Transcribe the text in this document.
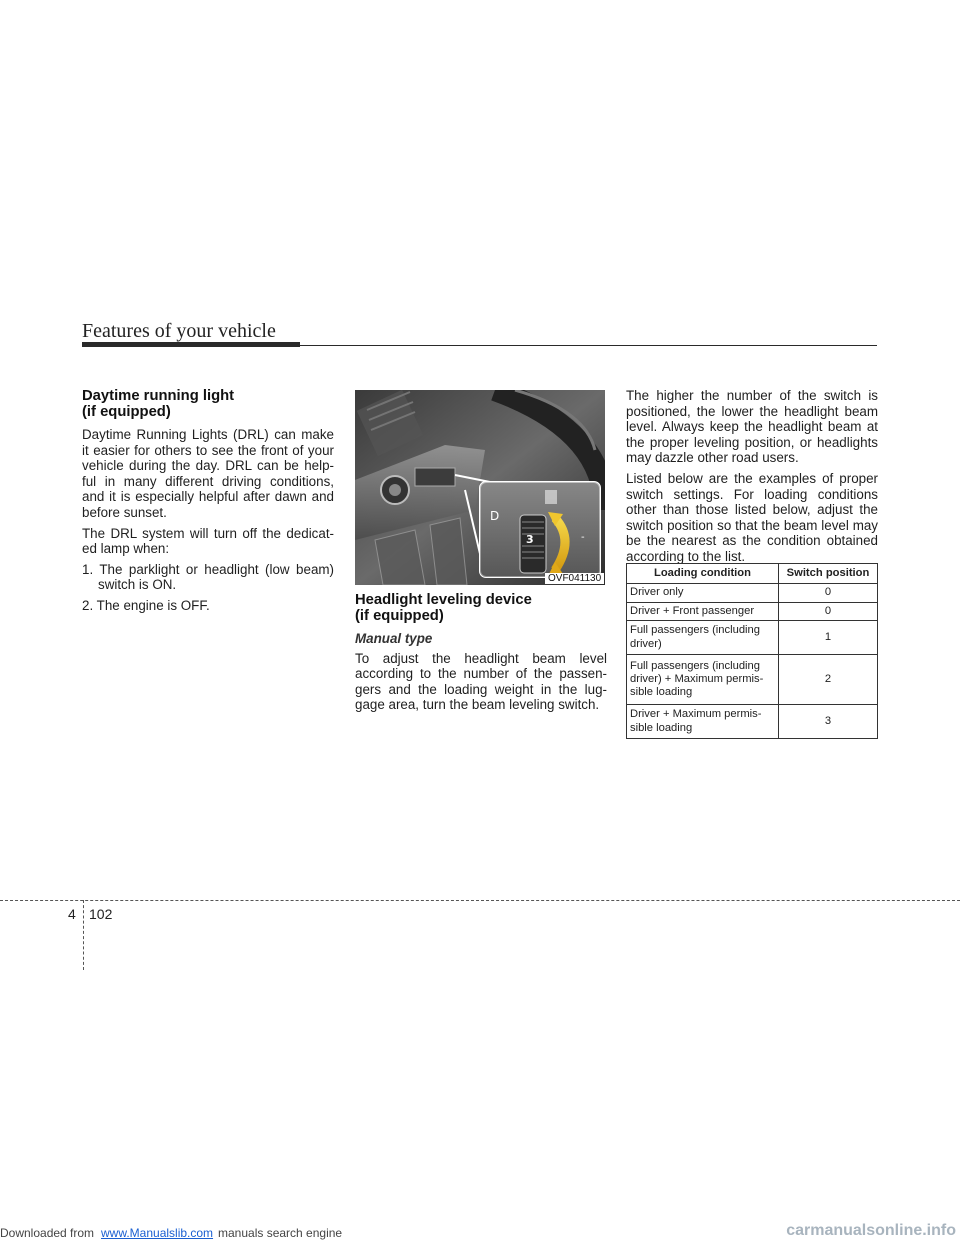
Features of your vehicle
Daytime running light
(if equipped)

Daytime Running Lights (DRL) can make it easier for others to see the front of your vehicle during the day. DRL can be help- ful in many different driving conditions, and it is especially helpful after dawn and before sunset.

The DRL system will turn off the dedicat- ed lamp when:

1. The parklight or headlight (low beam) switch is ON.
2. The engine is OFF.
D
3	-
OVF041130
Headlight leveling device
(if equipped)
Manual type

To adjust the headlight beam level according to the number of the passen- gers and the loading weight in the lug- gage area, turn the beam leveling switch.

The higher the number of the switch is positioned, the lower the headlight beam level. Always keep the headlight beam at the proper leveling position, or headlights may dazzle other road users.

Listed below are the examples of proper switch settings. For loading conditions other than those listed below, adjust the switch position so that the beam level may be the nearest as the condition obtained according to the list.

Loading condition	Switch position
Driver only	0
Driver + Front passenger	0
Full passengers (including driver)	1
Full passengers (including driver) + Maximum permis- sible loading	2
Driver + Maximum permis- sible loading	3
4 102
Downloaded from www.Manualslib.com manuals search engine	carmanualsonline.info
